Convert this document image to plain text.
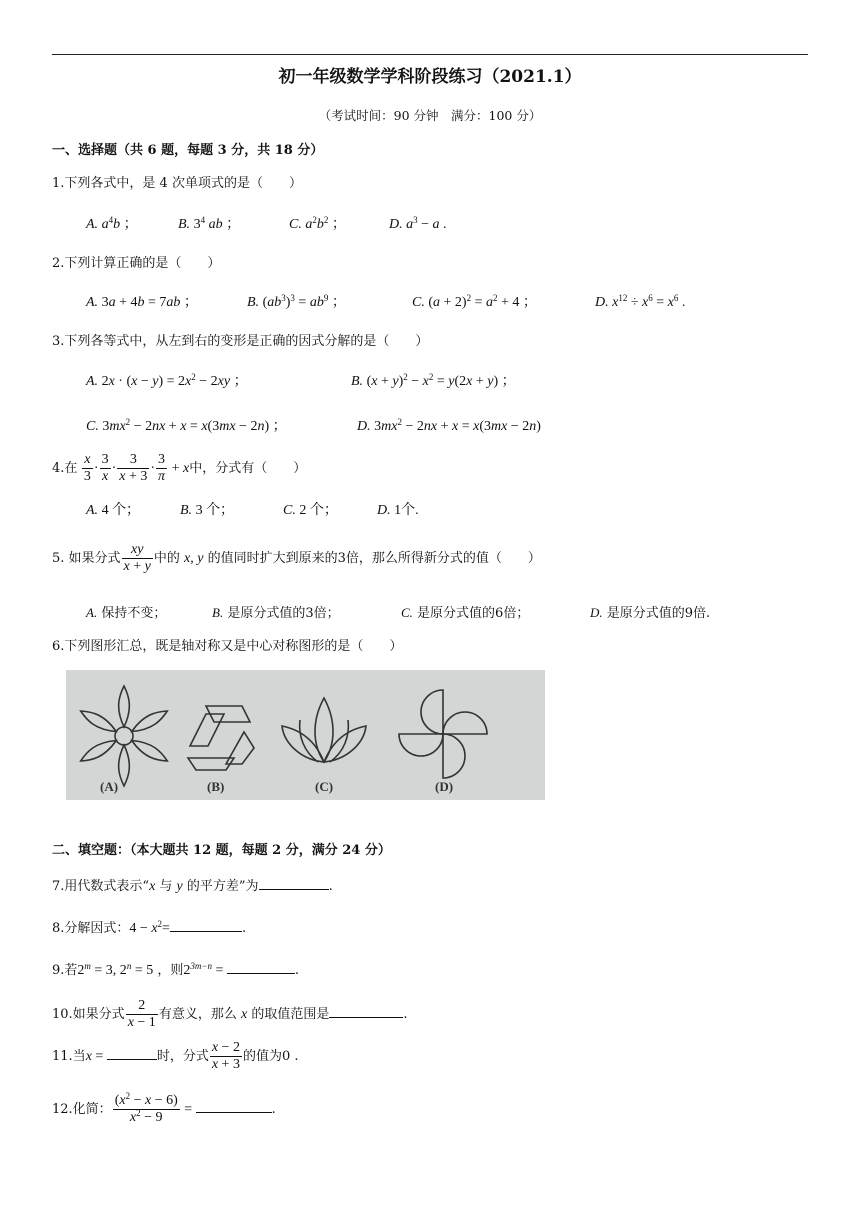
初一年级数学学科阶段练习（2021.1）
（考试时间：90 分钟　满分：100 分）
一、选择题（共 6 题，每题 3 分，共 18 分）
1.下列各式中，是 4 次单项式的是（　　）
A. $a^4b$ ；	B. $3^4$ ab ；	C. $a^2b^2$ ；	D. $a^3 - a$ .
2.下列计算正确的是（　　）
A. 3a + 4b = 7ab ；	B. $(ab^3)^3 = ab^9$ ；	C. $(a + 2)^2 = a^2 + 4$ ；	D. $x^{12} \div x^6 = x^6$ .
3.下列各等式中，从左到右的变形是正确的因式分解的是（　　）
A. $2x \cdot (x - y) = 2x^2 - 2xy$ ；	B. $(x + y)^2 - x^2 = y(2x + y)$ ；
C. $3mx^2 - 2nx + x = x(3mx - 2n)$ ；	D. $3mx^2 - 2nx + x = x(3mx - 2n)$
4.在 $\frac{x}{3} \cdot \frac{3}{x} \cdot \frac{3}{x + 3} \cdot \frac{3}{\pi} + x$中，分式有（　　）
A. 4 个；	B. 3 个；	C. 2 个；	D. 1个.
5. 如果分式 $\frac{xy}{x + y}$ 中的 x, y 的值同时扩大到原来的3倍，那么所得新分式的值（　　）
A. 保持不变；	B. 是原分式值的3倍；	C. 是原分式值的6倍；	D. 是原分式值的9倍.
6.下列图形汇总，既是轴对称又是中心对称图形的是（　　）
(A)	(B)	(C)	(D)
二、填空题：（本大题共 12 题，每题 2 分，满分 24 分）
7.用代数式表示“x 与 y 的平方差”为	.
8.分解因式：$4 - x^2=$	.
9.若$2^m = 3$, $2^n = 5$ ，则$2^{3m-n}$ =	.
10.如果分式 $\frac{2}{x - 1}$ 有意义，那么 x 的取值范围是	.
11.当x =	时，分式 $\frac{x - 2}{x + 3}$ 的值为0 .
12.化简： $\frac{(x^2 - x - 6)}{x^2 - 9}$ =	.
